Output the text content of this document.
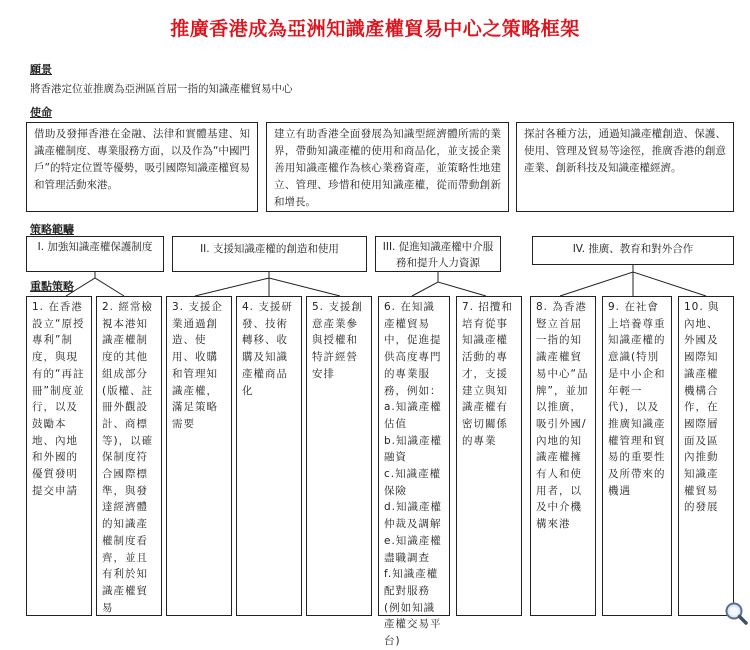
推廣香港成為亞洲知識產權貿易中心之策略框架
願景
將香港定位並推廣為亞洲區首屈一指的知識產權貿易中心
使命
借助及發揮香港在金融、法律和實體基建、知識產權制度、專業服務方面，以及作為“中國門戶”的特定位置等優勢，吸引國際知識產權貿易和管理活動來港。
建立有助香港全面發展為知識型經濟體所需的業界，帶動知識產權的使用和商品化，並支援企業善用知識產權作為核心業務資產，並策略性地建立、管理、珍惜和使用知識產權，從而帶動創新和增長。
探討各種方法，通過知識產權創造、保護、使用、管理及貿易等途徑，推廣香港的創意產業、創新科技及知識產權經濟。
策略範疇
I. 加強知識產權保護制度	II. 支援知識產權的創造和使用	III. 促進知識產權中介服務和提升人力資源
IV. 推廣、教育和對外合作
重點策略
1. 在香港設立“原授專利”制度，與現有的“再註冊”制度並行，以及鼓勵本地、內地和外國的優質發明提交申請
2. 經常檢視本港知識產權制度的其他組成部分(版權、註冊外觀設計、商標等)，以確保制度符合國際標準，與發達經濟體的知識產權制度看齊，並且有利於知識產權貿易
3. 支援企業通過創造、使用、收購和管理知識產權，滿足策略需要
4. 支援研發、技術轉移、收購及知識產權商品化
5. 支援創意產業參與授權和特許經營安排
6. 在知識產權貿易中，促進提供高度專門的專業服務，例如：
a.知識產權估值
b.知識產權融資
c.知識產權保險
d.知識產權仲裁及調解
e.知識產權盡職調查
f.知識產權配對服務(例如知識產權交易平台)
7. 招攬和培育從事知識產權活動的專才，支援建立與知識產權有密切關係的專業
8. 為香港豎立首屈一指的知識產權貿易中心“品牌”，並加以推廣，吸引外國/內地的知識產權擁有人和使用者，以及中介機構來港
9. 在社會上培養尊重知識產權的意識(特別是中小企和年輕一代)，以及推廣知識產權管理和貿易的重要性及所帶來的機遇
10. 與內地、外國及國際知識產權機構合作，在國際層面及區內推動知識產權貿易的發展
